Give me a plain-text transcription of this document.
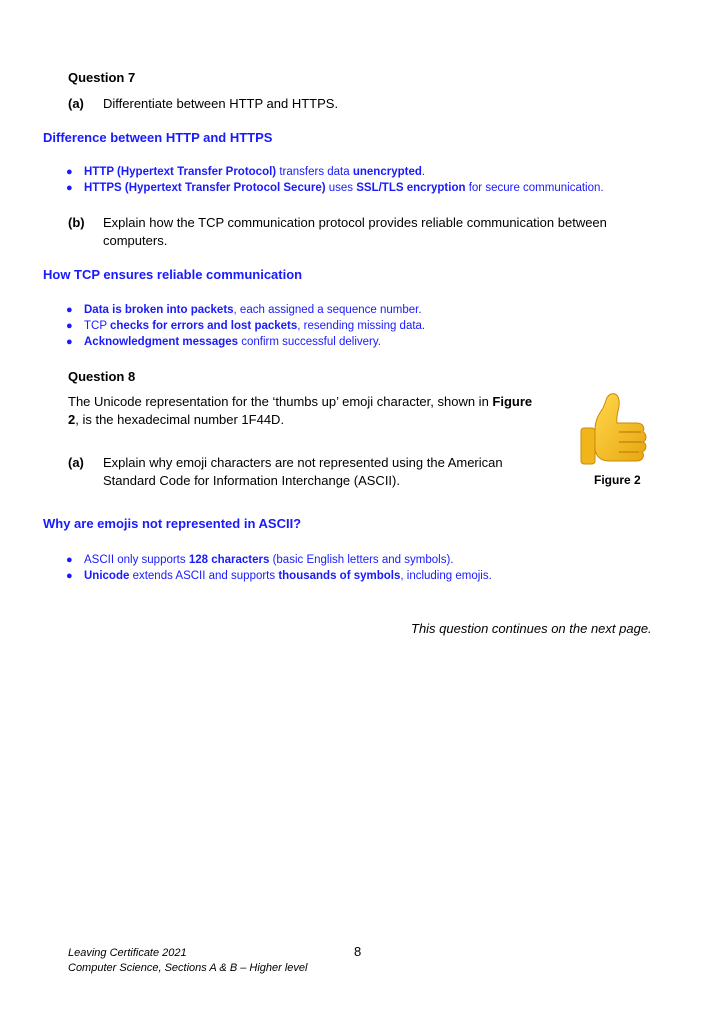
Question 7
(a) Differentiate between HTTP and HTTPS.
Difference between HTTP and HTTPS
● HTTP (Hypertext Transfer Protocol) transfers data unencrypted.
● HTTPS (Hypertext Transfer Protocol Secure) uses SSL/TLS encryption for secure communication.
(b) Explain how the TCP communication protocol provides reliable communication between
computers.
How TCP ensures reliable communication
● Data is broken into packets, each assigned a sequence number.
● TCP checks for errors and lost packets, resending missing data.
● Acknowledgment messages confirm successful delivery.
Question 8
The Unicode representation for the ‘thumbs up’ emoji character, shown in Figure
2, is the hexadecimal number 1F44D.
(a) Explain why emoji characters are not represented using the American
Standard Code for Information Interchange (ASCII).	Figure 2
Why are emojis not represented in ASCII?
● ASCII only supports 128 characters (basic English letters and symbols).
● Unicode extends ASCII and supports thousands of symbols, including emojis.
This question continues on the next page.
Leaving Certificate 2021
Computer Science, Sections A & B – Higher level
8
